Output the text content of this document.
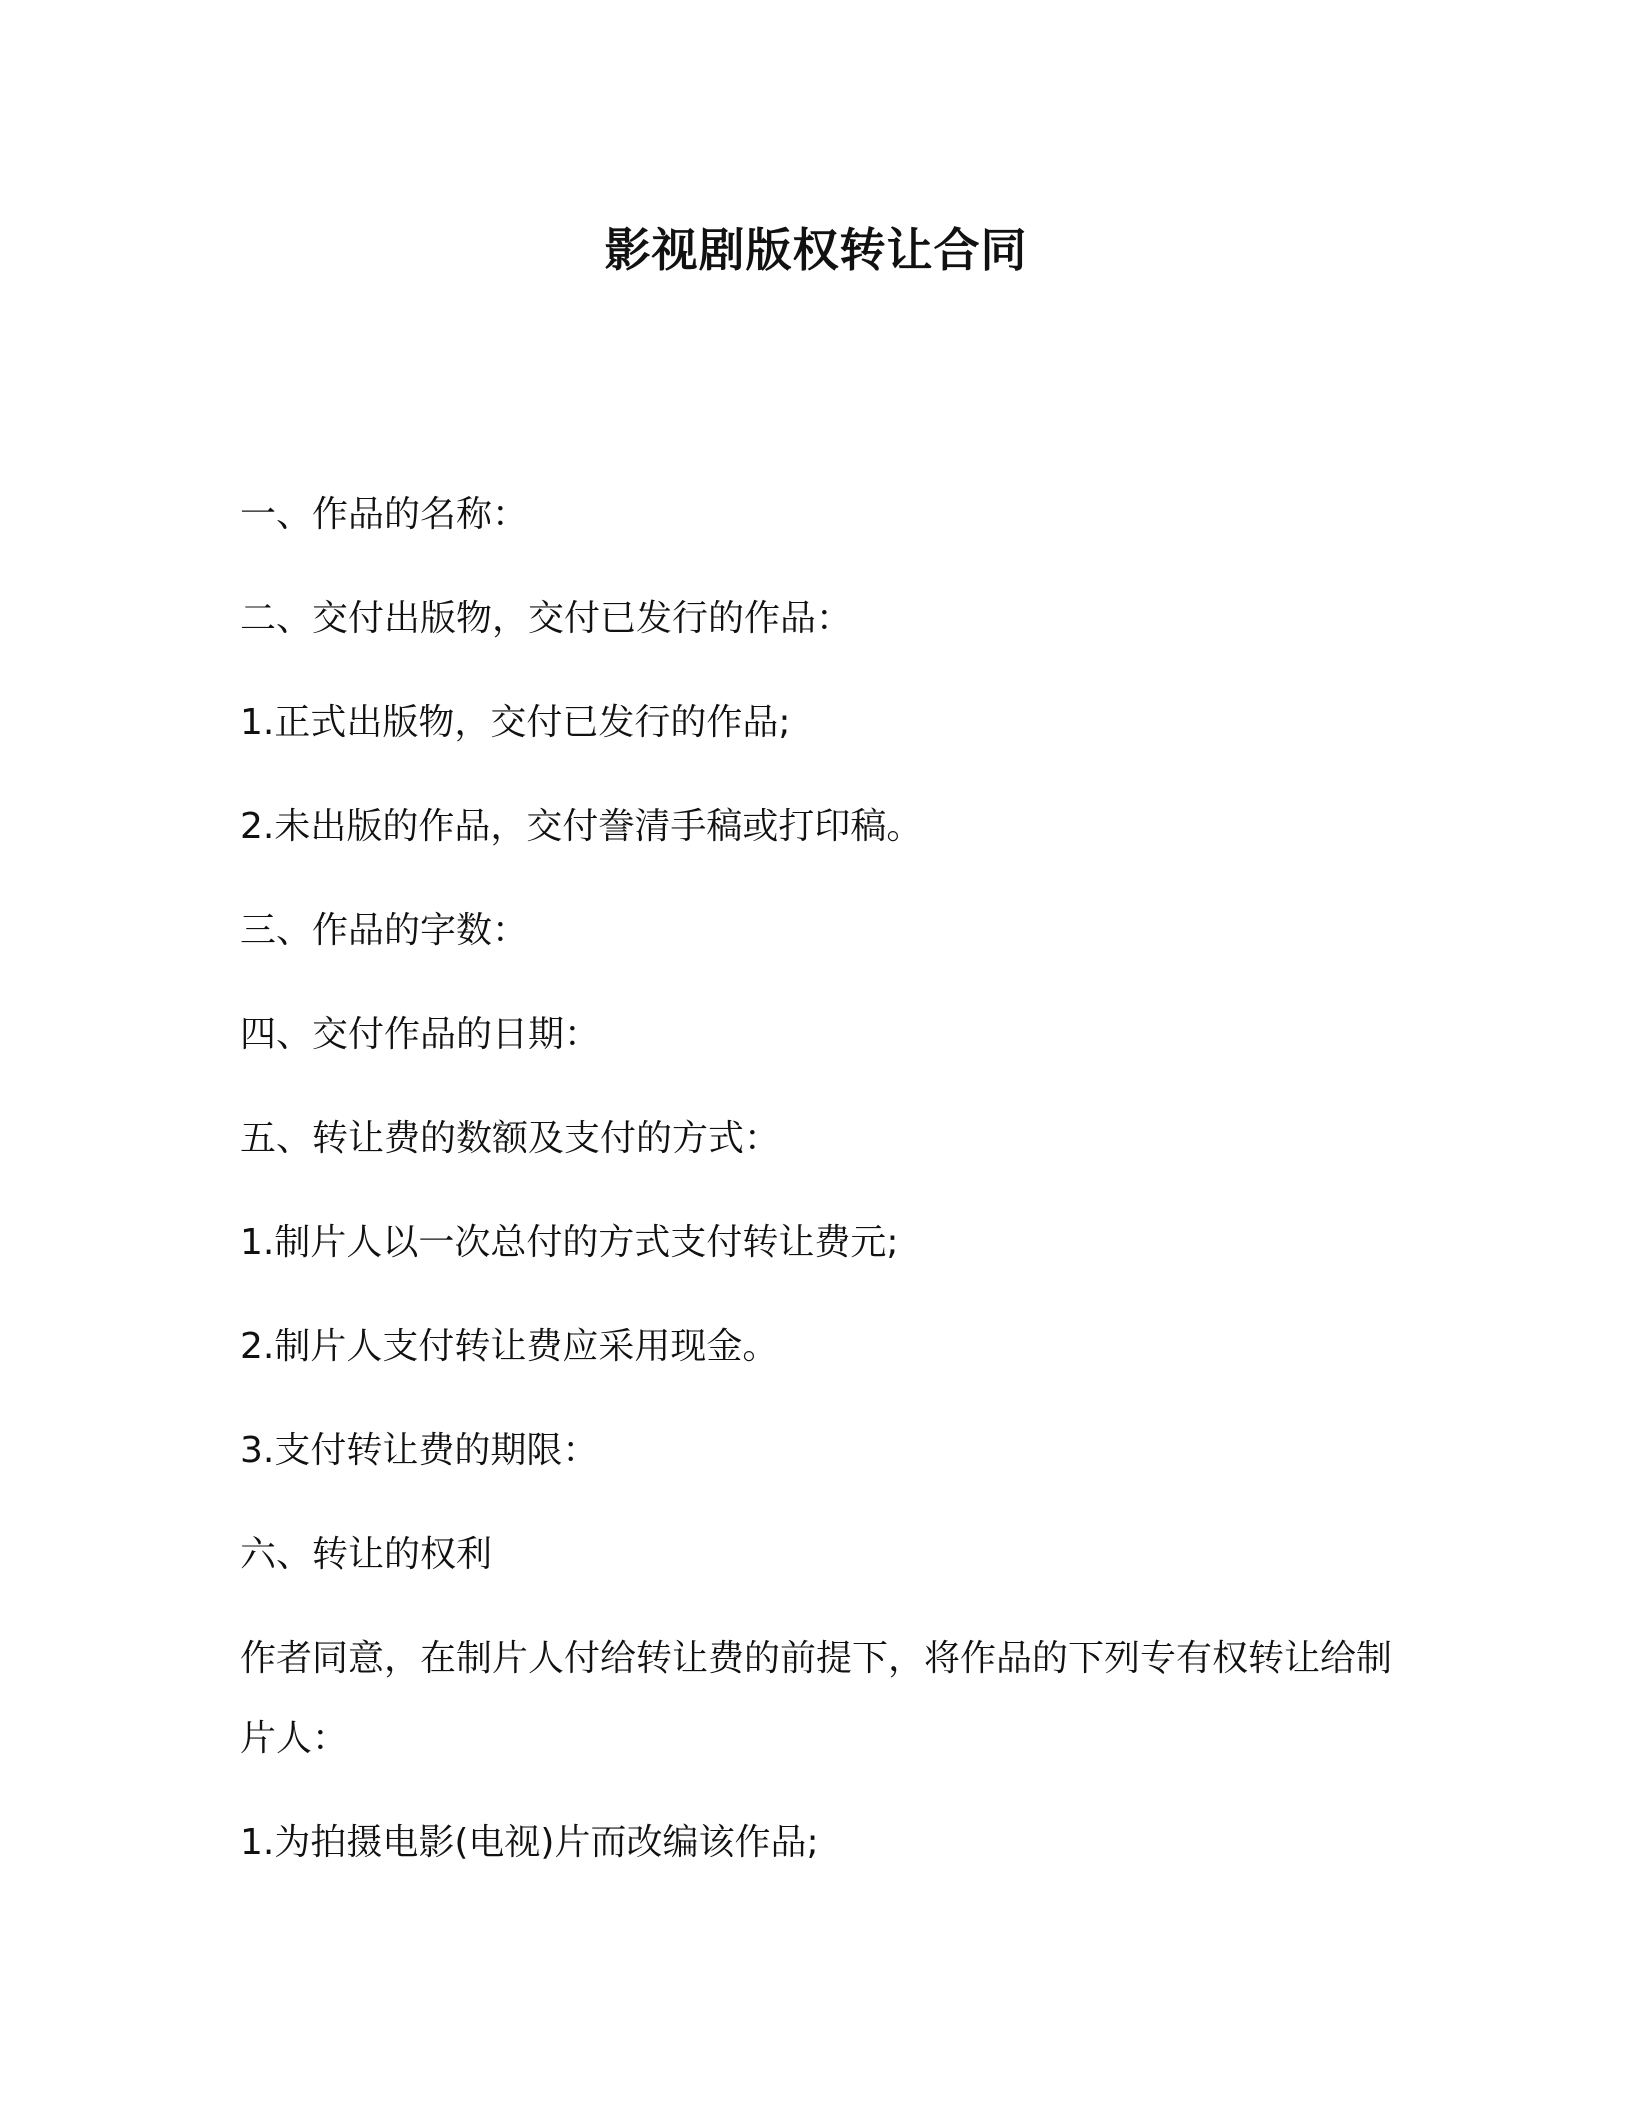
影视剧版权转让合同

一、作品的名称：

二、交付出版物，交付已发行的作品：

1.正式出版物，交付已发行的作品;

2.未出版的作品，交付誊清手稿或打印稿。

三、作品的字数：

四、交付作品的日期：

五、转让费的数额及支付的方式：

1.制片人以一次总付的方式支付转让费元;

2.制片人支付转让费应采用现金。

3.支付转让费的期限：

六、转让的权利

作者同意，在制片人付给转让费的前提下，将作品的下列专有权转让给制片人：

1.为拍摄电影(电视)片而改编该作品;
